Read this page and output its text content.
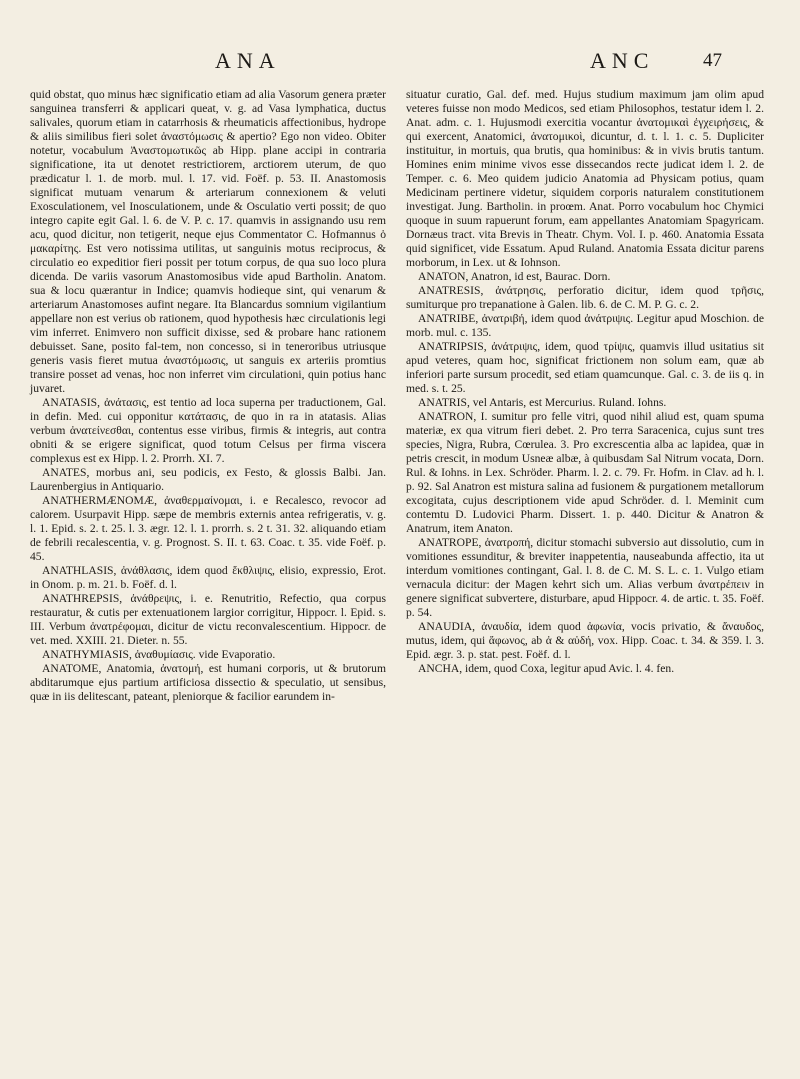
ANA	ANC	47

quid obstat, quo minus hæc significatio etiam ad alia Vasorum genera præter sanguinea transferri & applicari queat, v. g. ad Vasa lymphatica, ductus salivales, quorum etiam in catarrhosis & rheumaticis affectionibus, hydrope & aliis similibus fieri solet ἀναστόμωσις & apertio? Ego non video. Obiter notetur, vocabulum Ἀναστομωτικῶς ab Hipp. plane accipi in contraria significatione, ita ut denotet restrictiorem, arctiorem uterum, de quo prædicatur l. 1. de morb. mul. l. 17. vid. Foëf. p. 53. II. Anastomosis significat mutuam venarum & arteriarum connexionem & veluti Exosculationem, vel Inosculationem, unde & Osculatio verti possit; de quo integro capite egit Gal. l. 6. de V. P. c. 17. quamvis in assignando usu rem acu, quod dicitur, non tetigerit, neque ejus Commentator C. Hofmannus ὁ μακαρίτης. Est vero notissima utilitas, ut sanguinis motus reciprocus, & circulatio eo expeditior fieri possit per totum corpus, de qua suo loco plura dicenda. De variis vasorum Anastomosibus vide apud Bartholin. Anatom. sua & locu quærantur in Indice; quamvis hodieque sint, qui venarum & arteriarum Anastomoses aufint negare. Ita Blancardus somnium vigilantium appellare non est verius ob rationem, quod hypothesis hæc circulationis legi vim inferret. Enimvero non sufficit dixisse, sed & probare hanc rationem debuisset. Sane, posito fal-tem, non concesso, si in teneroribus utriusque generis vasis fieret mutua ἀναστόμωσις, ut sanguis ex arteriis promtius transire posset ad venas, hoc non inferret vim circulationi, quin potius hanc juvaret.

ANATASIS, ἀνάτασις, est tentio ad loca superna per traductionem, Gal. in defin. Med. cui opponitur κατάτασις, de quo in ra in atatasis. Alias verbum ἀνατείνεσθαι, contentus esse viribus, firmis & integris, aut contra obniti & se erigere significat, quod totum Celsus per firma viscera complexus est ex Hipp. l. 2. Prorrh. XI. 7.

ANATES, morbus ani, seu podicis, ex Festo, & glossis Balbi. Jan. Laurenbergius in Antiquario.

ANATHERMÆNOMÆ, ἀναθερμαίνομαι, i. e Recalesco, revocor ad calorem. Usurpavit Hipp. sæpe de membris externis antea refrigeratis, v. g. l. 1. Epid. s. 2. t. 25. l. 3. ægr. 12. l. 1. prorrh. s. 2 t. 31. 32. aliquando etiam de febrili recalescentia, v. g. Prognost. S. II. t. 63. Coac. t. 35. vide Foëf. p. 45.

ANATHLASIS, ἀνάθλασις, idem quod ἔκθλιψις, elisio, expressio, Erot. in Onom. p. m. 21. b. Foëf. d. l.

ANATHREPSIS, ἀνάθρεψις, i. e. Renutritio, Refectio, qua corpus restauratur, & cutis per extenuationem largior corrigitur, Hippocr. l. Epid. s. III. Verbum ἀνατρέφομαι, dicitur de victu reconvalescentium. Hippocr. de vet. med. XXIII. 21. Dieter. n. 55.

ANATHYMIASIS, ἀναθυμίασις. vide Evaporatio.

ANATOME, Anatomia, ἀνατομή, est humani corporis, ut & brutorum abditarumque ejus partium artificiosa dissectio & speculatio, ut sensibus, quæ in iis delitescant, pateant, pleniorque & facilior earundem in-

situatur curatio, Gal. def. med. Hujus studium maximum jam olim apud veteres fuisse non modo Medicos, sed etiam Philosophos, testatur idem l. 2. Anat. adm. c. 1. Hujusmodi exercitia vocantur ἀνατομικαὶ ἐγχειρήσεις, & qui exercent, Anatomici, ἀνατομικοὶ, dicuntur, d. t. l. 1. c. 5. Dupliciter instituitur, in mortuis, qua brutis, qua hominibus: & in vivis brutis tantum. Homines enim minime vivos esse dissecandos recte judicat idem l. 2. de Temper. c. 6. Meo quidem judicio Anatomia ad Physicam potius, quam Medicinam pertinere videtur, siquidem corporis naturalem constitutionem investigat. Jung. Bartholin. in proœm. Anat. Porro vocabulum hoc Chymici quoque in suum rapuerunt forum, eam appellantes Anatomiam Spagyricam. Dornæus tract. vita Brevis in Theatr. Chym. Vol. I. p. 460. Anatomia Essata quid significet, vide Essatum. Apud Ruland. Anatomia Essata dicitur parens morborum, in Lex. ut & Iohnson.

ANATON, Anatron, id est, Baurac. Dorn.

ANATRESIS, ἀνάτρησις, perforatio dicitur, idem quod τρῆσις, sumiturque pro trepanatione à Galen. lib. 6. de C. M. P. G. c. 2.

ANATRIBE, ἀνατριβή, idem quod ἀνάτριψις. Legitur apud Moschion. de morb. mul. c. 135.

ANATRIPSIS, ἀνάτριψις, idem, quod τρίψις, quamvis illud usitatius sit apud veteres, quam hoc, significat frictionem non solum eam, quæ ab inferiori parte sursum procedit, sed etiam quamcunque. Gal. c. 3. de iis q. in med. s. t. 25.

ANATRIS, vel Antaris, est Mercurius. Ruland. Iohns.

ANATRON, I. sumitur pro felle vitri, quod nihil aliud est, quam spuma materiæ, ex qua vitrum fieri debet. 2. Pro terra Saracenica, cujus sunt tres species, Nigra, Rubra, Cœrulea. 3. Pro excrescentia alba ac lapidea, quæ in petris crescit, in modum Usneæ albæ, à quibusdam Sal Nitrum vocata, Dorn. Rul. & Iohns. in Lex. Schröder. Pharm. l. 2. c. 79. Fr. Hofm. in Clav. ad h. l. p. 92. Sal Anatron est mistura salina ad fusionem & purgationem metallorum excogitata, cujus descriptionem vide apud Schröder. d. l. Meminit cum contemtu D. Ludovici Pharm. Dissert. 1. p. 440. Dicitur & Anatron & Anatrum, item Anaton.

ANATROPE, ἀνατροπή, dicitur stomachi subversio aut dissolutio, cum in vomitiones essunditur, & breviter inappetentia, nauseabunda affectio, ita ut interdum vomitiones contingant, Gal. l. 8. de C. M. S. L. c. 1. Vulgo etiam vernacula dicitur: der Magen kehrt sich um. Alias verbum ἀνατρέπειν in genere significat subvertere, disturbare, apud Hippocr. 4. de artic. t. 35. Foëf. p. 54.

ANAUDIA, ἀναυδία, idem quod ἀφωνία, vocis privatio, & ἄναυδος, mutus, idem, qui ἄφωνος, ab ἀ & αὐδή, vox. Hipp. Coac. t. 34. & 359. l. 3. Epid. ægr. 3. p. stat. pest. Foëf. d. l.

ANCHA, idem, quod Coxa, legitur apud Avic. l. 4. fen.
